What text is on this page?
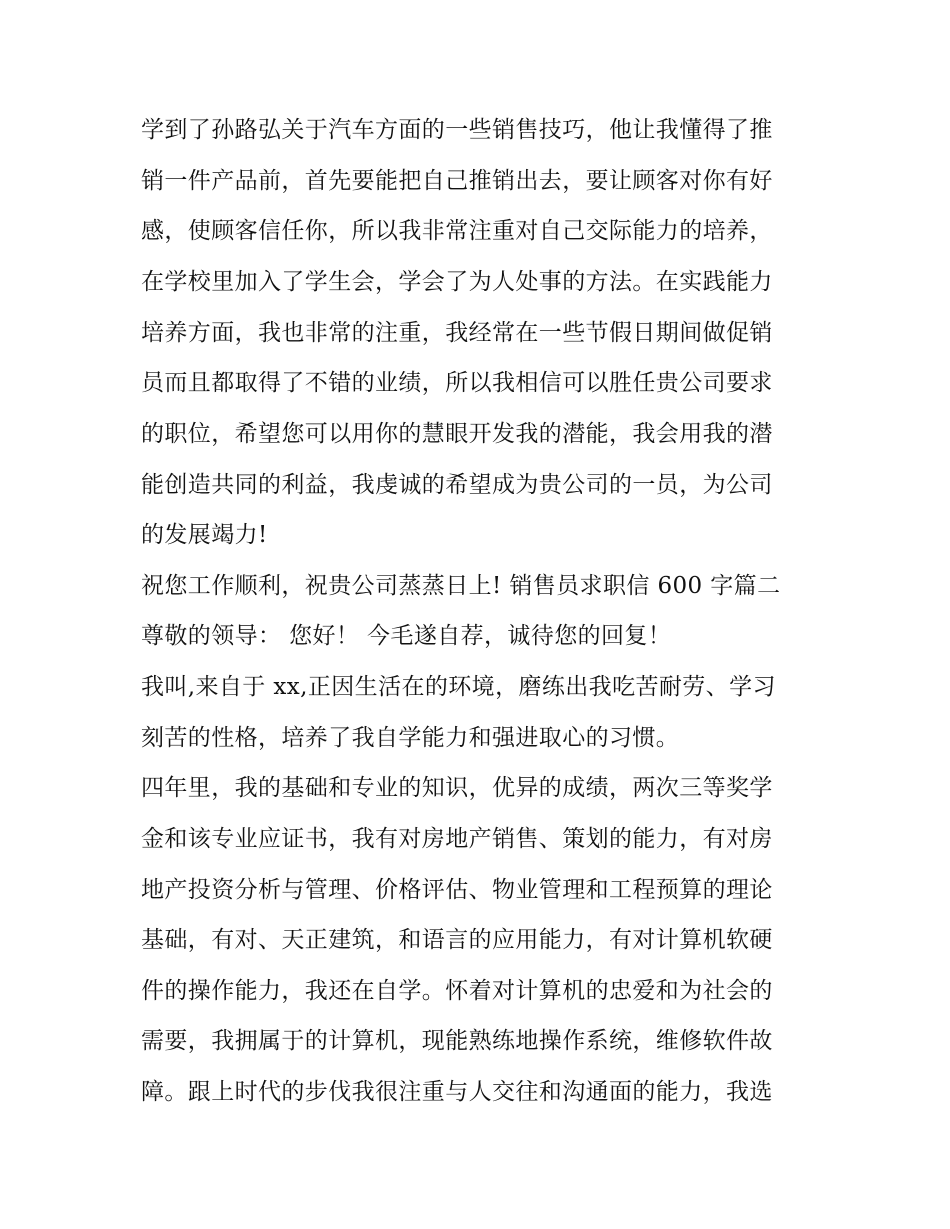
学到了孙路弘关于汽车方面的一些销售技巧，他让我懂得了推
销一件产品前，首先要能把自己推销出去，要让顾客对你有好
感，使顾客信任你，所以我非常注重对自己交际能力的培养，
在学校里加入了学生会，学会了为人处事的方法。在实践能力
培养方面，我也非常的注重，我经常在一些节假日期间做促销
员而且都取得了不错的业绩，所以我相信可以胜任贵公司要求
的职位，希望您可以用你的慧眼开发我的潜能，我会用我的潜
能创造共同的利益，我虔诚的希望成为贵公司的一员，为公司
的发展竭力!
祝您工作顺利，祝贵公司蒸蒸日上! 销售员求职信 600 字篇二
尊敬的领导： 您好！ 今毛遂自荐，诚待您的回复！
我叫,来自于 xx,正因生活在的环境，磨练出我吃苦耐劳、学习
刻苦的性格，培养了我自学能力和强进取心的习惯。
四年里，我的基础和专业的知识，优异的成绩，两次三等奖学
金和该专业应证书，我有对房地产销售、策划的能力，有对房
地产投资分析与管理、价格评估、物业管理和工程预算的理论
基础，有对、天正建筑，和语言的应用能力，有对计算机软硬
件的操作能力，我还在自学。怀着对计算机的忠爱和为社会的
需要，我拥属于的计算机，现能熟练地操作系统，维修软件故
障。跟上时代的步伐我很注重与人交往和沟通面的能力，我选
